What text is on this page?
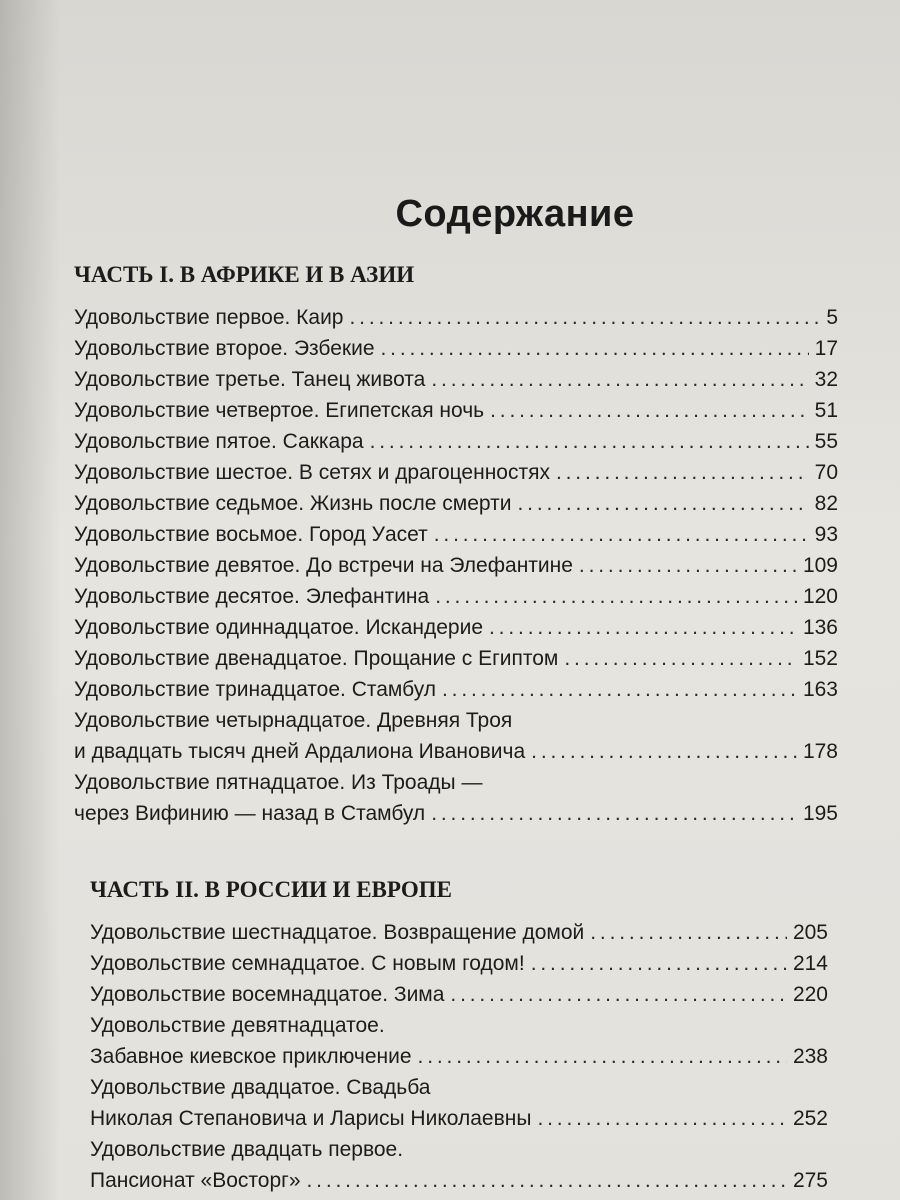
Содержание
ЧАСТЬ I. В АФРИКЕ И В АЗИИ
Удовольствие первое. Каир . . .	5
Удовольствие второе. Эзбекие . . .	17
Удовольствие третье. Танец живота . . .	32
Удовольствие четвертое. Египетская ночь . . .	51
Удовольствие пятое. Саккара . . .	55
Удовольствие шестое. В сетях и драгоценностях . . .	70
Удовольствие седьмое. Жизнь после смерти . . .	82
Удовольствие восьмое. Город Уасет . . .	93
Удовольствие девятое. До встречи на Элефантине . . .	109
Удовольствие десятое. Элефантина . . .	120
Удовольствие одиннадцатое. Искандерие . . .	136
Удовольствие двенадцатое. Прощание с Египтом . . .	152
Удовольствие тринадцатое. Стамбул . . .	163
Удовольствие четырнадцатое. Древняя Троя
и двадцать тысяч дней Ардалиона Ивановича . . .	178
Удовольствие пятнадцатое. Из Троады —
через Вифинию — назад в Стамбул . . .	195
ЧАСТЬ II. В РОССИИ И ЕВРОПЕ
Удовольствие шестнадцатое. Возвращение домой . . .	205
Удовольствие семнадцатое. С новым годом! . . .	214
Удовольствие восемнадцатое. Зима . . .	220
Удовольствие девятнадцатое.
Забавное киевское приключение . . .	238
Удовольствие двадцатое. Свадьба
Николая Степановича и Ларисы Николаевны . . .	252
Удовольствие двадцать первое.
Пансионат «Восторг» . . .	275
